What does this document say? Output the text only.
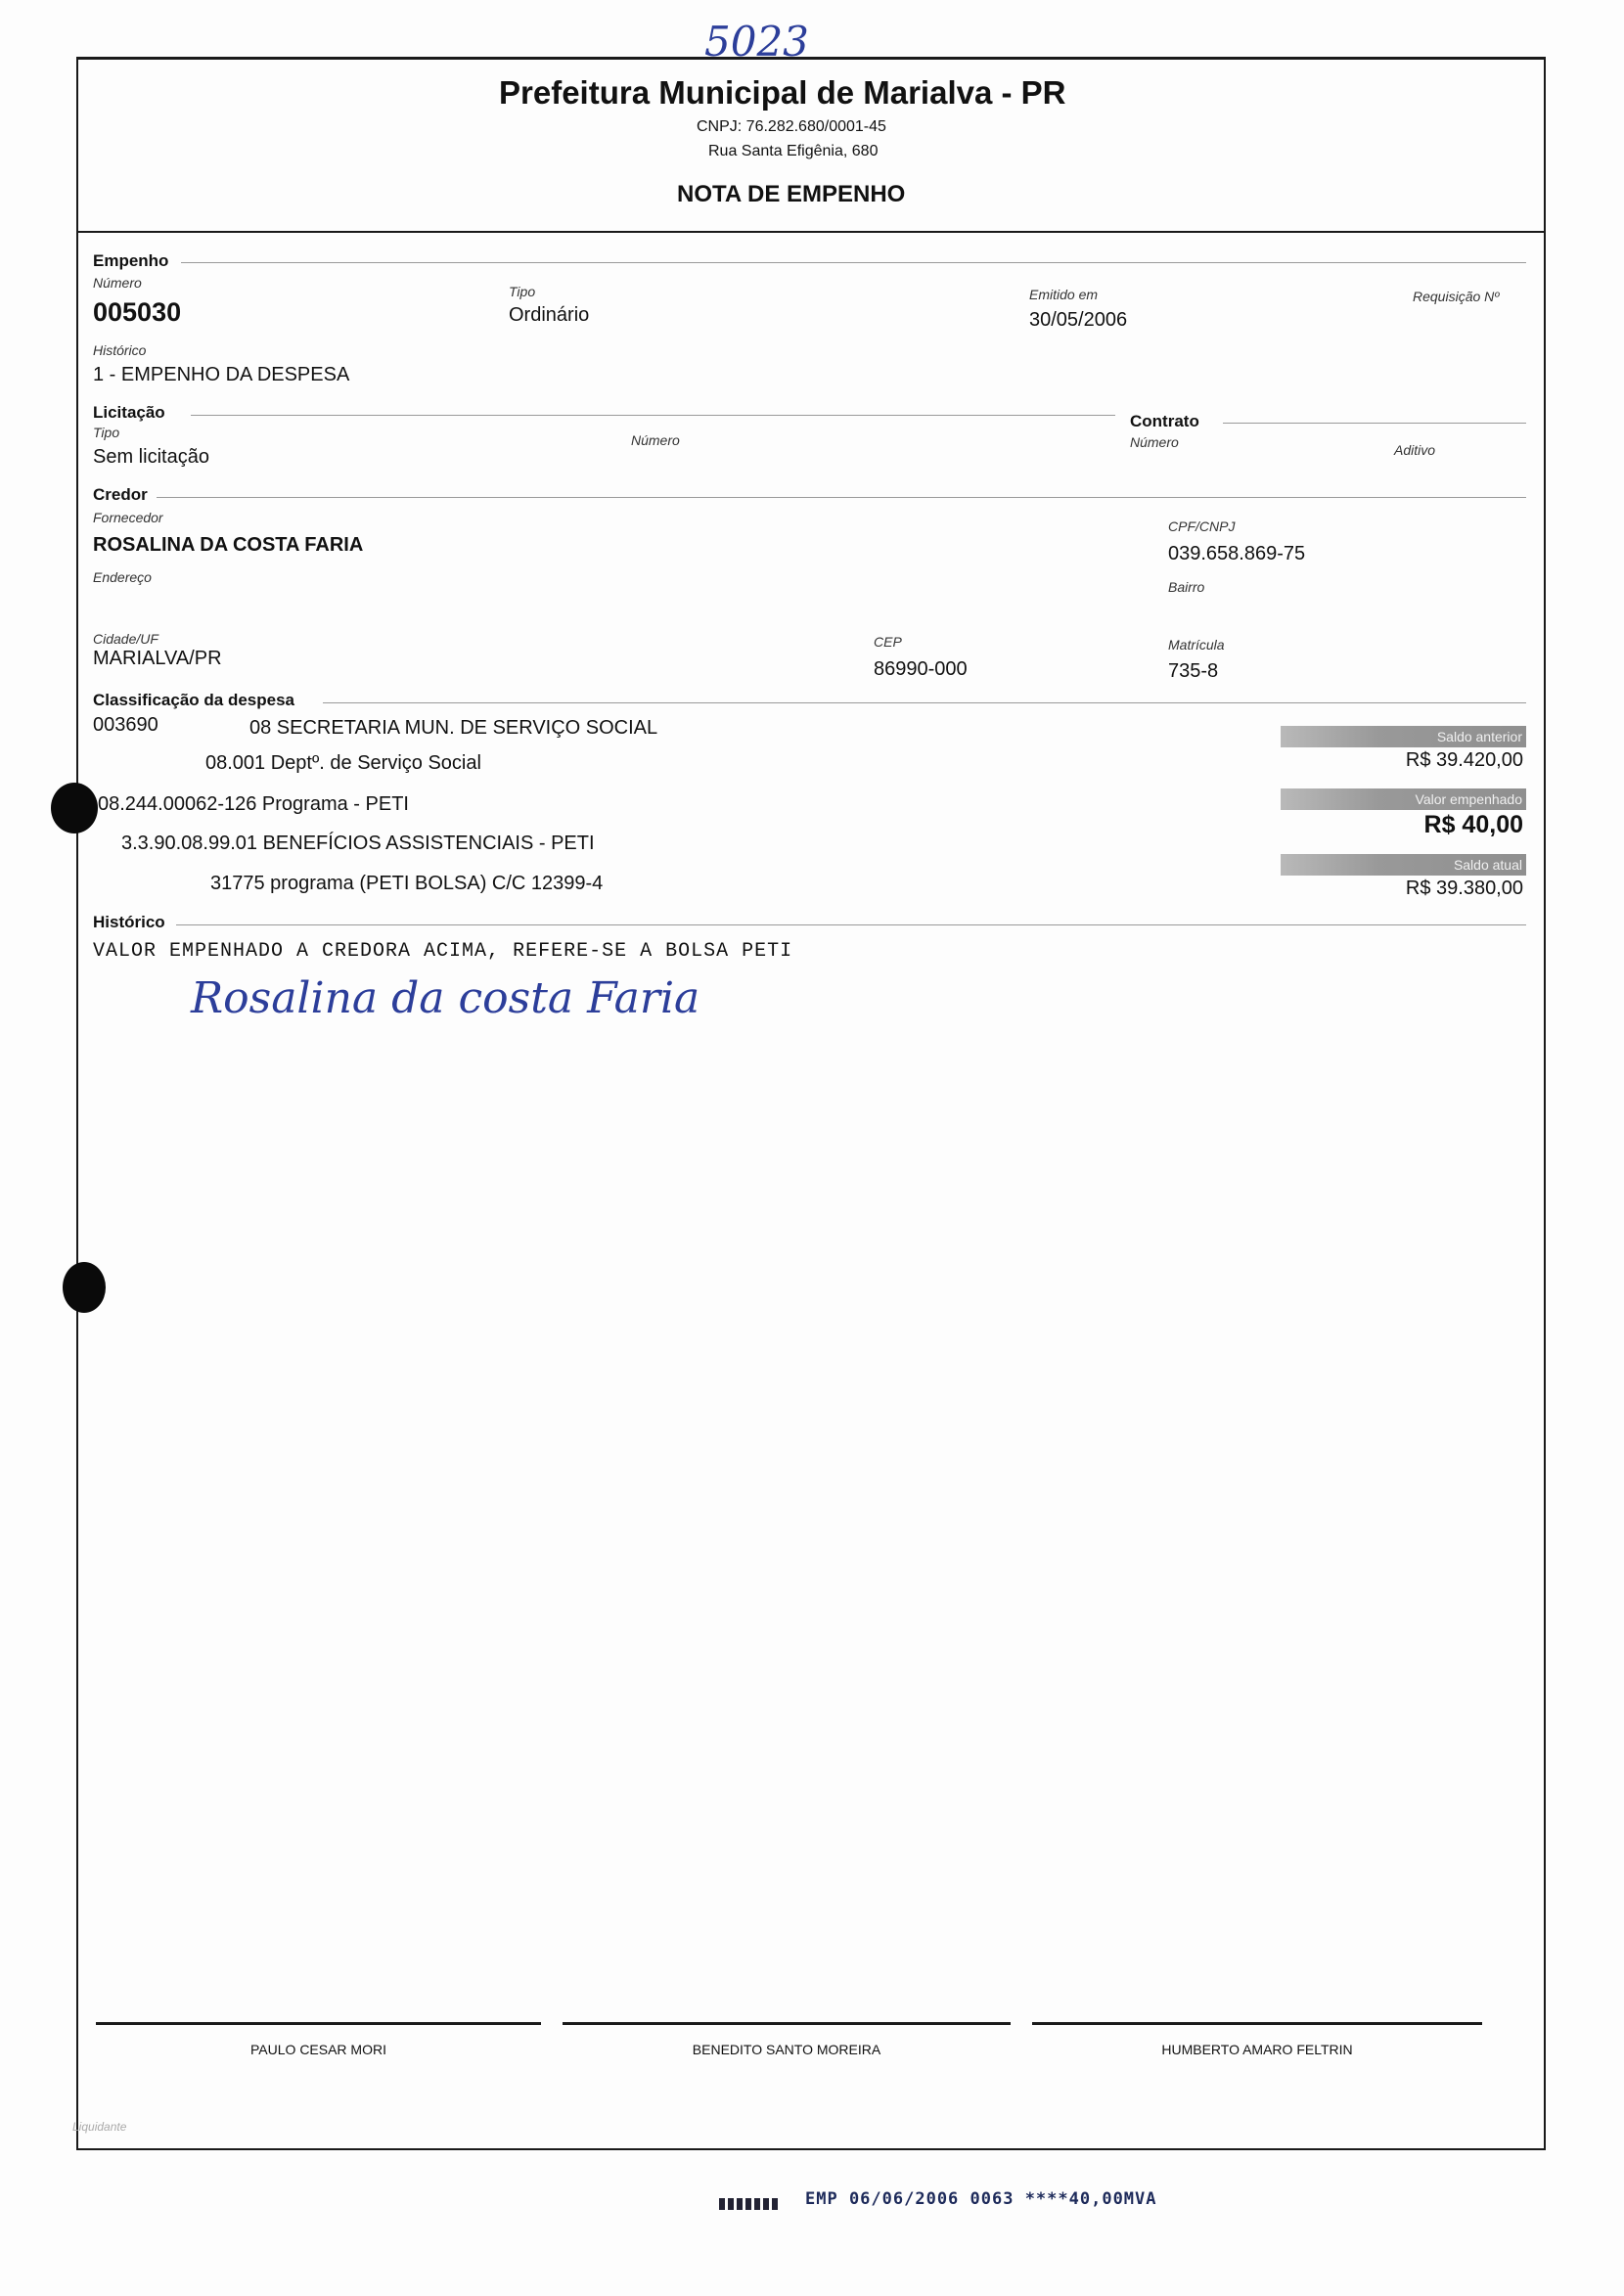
5023
Prefeitura Municipal de Marialva - PR
CNPJ: 76.282.680/0001-45
Rua Santa Efigênia, 680
NOTA DE EMPENHO
Empenho
Número
005030
Tipo
Ordinário
Emitido em
30/05/2006
Requisição Nº
Histórico
1 - EMPENHO DA DESPESA
Licitação
Tipo
Sem licitação
Número
Contrato
Número	Aditivo
Credor
Fornecedor
ROSALINA DA COSTA FARIA
CPF/CNPJ
039.658.869-75
Endereço
Bairro
Cidade/UF
MARIALVA/PR
CEP
86990-000
Matrícula
735-8
Classificação da despesa
003690	08 SECRETARIA MUN. DE SERVIÇO SOCIAL
08.001 Deptº. de Serviço Social
08.244.00062-126 Programa - PETI
3.3.90.08.99.01 BENEFÍCIOS ASSISTENCIAIS - PETI
31775 programa (PETI BOLSA) C/C 12399-4
Saldo anterior
R$ 39.420,00
Valor empenhado
R$ 40,00
Saldo atual
R$ 39.380,00
Histórico
VALOR EMPENHADO A CREDORA ACIMA, REFERE-SE A BOLSA PETI
Rosalina da costa Faria
PAULO CESAR MORI	BENEDITO SANTO MOREIRA	HUMBERTO AMARO FELTRIN
Liquidante
EMP 06/06/2006 0063 ****40,00MVA
